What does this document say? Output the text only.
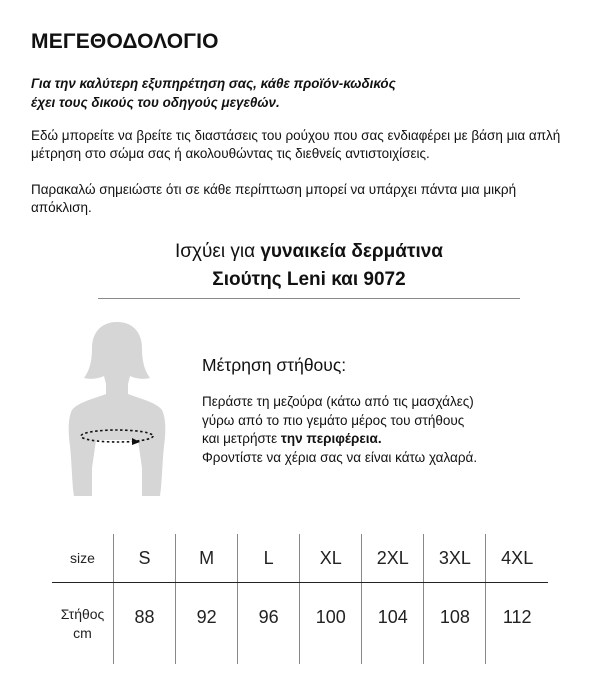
ΜΕΓΕΘΟΔΟΛΟΓΙΟ
Για την καλύτερη εξυπηρέτηση σας, κάθε προϊόν-κωδικός
έχει τους δικούς του οδηγούς μεγεθών.
Εδώ μπορείτε να βρείτε τις διαστάσεις του ρούχου που σας ενδιαφέρει με βάση μια απλή μέτρηση στο σώμα σας ή ακολουθώντας τις διεθνείς αντιστοιχίσεις.
Παρακαλώ σημειώστε ότι σε κάθε περίπτωση μπορεί να υπάρχει πάντα μια μικρή απόκλιση.
Ισχύει για γυναικεία δερμάτινα
Σιούτης Leni και 9072
Μέτρηση στήθους:
Περάστε τη μεζούρα (κάτω από τις μασχάλες)
γύρω από το πιο γεμάτο μέρος του στήθους
και μετρήστε την περιφέρεια.
Φροντίστε να χέρια σας να είναι κάτω χαλαρά.
size	S	M	L	XL	2XL	3XL	4XL

Στήθος
cm	88	92	96	100	104	108	112
